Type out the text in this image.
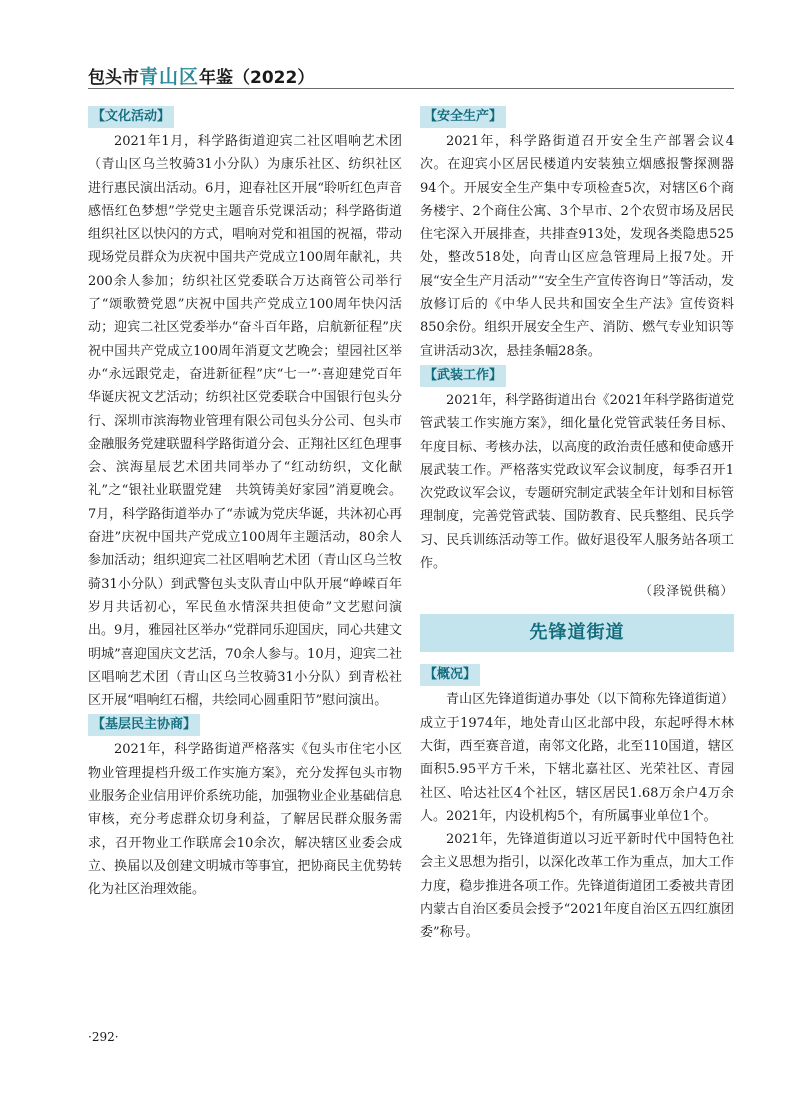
包头市青山区年鉴（2022）
【文化活动】

2021年1月，科学路街道迎宾二社区唱响艺术团（青山区乌兰牧骑31小分队）为康乐社区、纺织社区进行惠民演出活动。6月，迎春社区开展“聆听红色声音　感悟红色梦想”学党史主题音乐党课活动；科学路街道组织社区以快闪的方式，唱响对党和祖国的祝福，带动现场党员群众为庆祝中国共产党成立100周年献礼，共200余人参加；纺织社区党委联合万达商管公司举行了“颂歌赞党恩”庆祝中国共产党成立100周年快闪活动；迎宾二社区党委举办“奋斗百年路，启航新征程”庆祝中国共产党成立100周年消夏文艺晚会；望园社区举办“永远跟党走，奋进新征程”庆“七一”·喜迎建党百年华诞庆祝文艺活动；纺织社区党委联合中国银行包头分行、深圳市滨海物业管理有限公司包头分公司、包头市金融服务党建联盟科学路街道分会、正翔社区红色理事会、滨海星辰艺术团共同举办了“红动纺织，文化献礼”之“银社业联盟党建　共筑铸美好家园”消夏晚会。7月，科学路街道举办了“赤诚为党庆华诞，共沐初心再奋进”庆祝中国共产党成立100周年主题活动，80余人参加活动；组织迎宾二社区唱响艺术团（青山区乌兰牧骑31小分队）到武警包头支队青山中队开展“峥嵘百年岁月共话初心，军民鱼水情深共担使命”文艺慰问演出。9月，雅园社区举办“党群同乐迎国庆，同心共建文明城”喜迎国庆文艺活，70余人参与。10月，迎宾二社区唱响艺术团（青山区乌兰牧骑31小分队）到青松社区开展“唱响红石榴，共绘同心圆重阳节”慰问演出。

【基层民主协商】

2021年，科学路街道严格落实《包头市住宅小区物业管理提档升级工作实施方案》，充分发挥包头市物业服务企业信用评价系统功能，加强物业企业基础信息审核，充分考虑群众切身利益，了解居民群众服务需求，召开物业工作联席会10余次，解决辖区业委会成立、换届以及创建文明城市等事宜，把协商民主优势转化为社区治理效能。

【安全生产】

2021年，科学路街道召开安全生产部署会议4次。在迎宾小区居民楼道内安装独立烟感报警探测器94个。开展安全生产集中专项检查5次，对辖区6个商务楼宇、2个商住公寓、3个早市、2个农贸市场及居民住宅深入开展排查，共排查913处，发现各类隐患525处，整改518处，向青山区应急管理局上报7处。开展“安全生产月活动”“安全生产宣传咨询日”等活动，发放修订后的《中华人民共和国安全生产法》宣传资料850余份。组织开展安全生产、消防、燃气专业知识等宣讲活动3次，悬挂条幅28条。

【武装工作】

2021年，科学路街道出台《2021年科学路街道党管武装工作实施方案》，细化量化党管武装任务目标、年度目标、考核办法，以高度的政治责任感和使命感开展武装工作。严格落实党政议军会议制度，每季召开1次党政议军会议，专题研究制定武装全年计划和目标管理制度，完善党管武装、国防教育、民兵整组、民兵学习、民兵训练活动等工作。做好退役军人服务站各项工作。

（段泽锐供稿）
先锋道街道
【概况】

青山区先锋道街道办事处（以下简称先锋道街道）成立于1974年，地处青山区北部中段，东起呼得木林大街，西至赛音道，南邻文化路，北至110国道，辖区面积5.95平方千米，下辖北嘉社区、光荣社区、青园社区、哈达社区4个社区，辖区居民1.68万余户4万余人。2021年，内设机构5个，有所属事业单位1个。

2021年，先锋道街道以习近平新时代中国特色社会主义思想为指引，以深化改革工作为重点，加大工作力度，稳步推进各项工作。先锋道街道团工委被共青团内蒙古自治区委员会授予“2021年度自治区五四红旗团委”称号。

·292·
